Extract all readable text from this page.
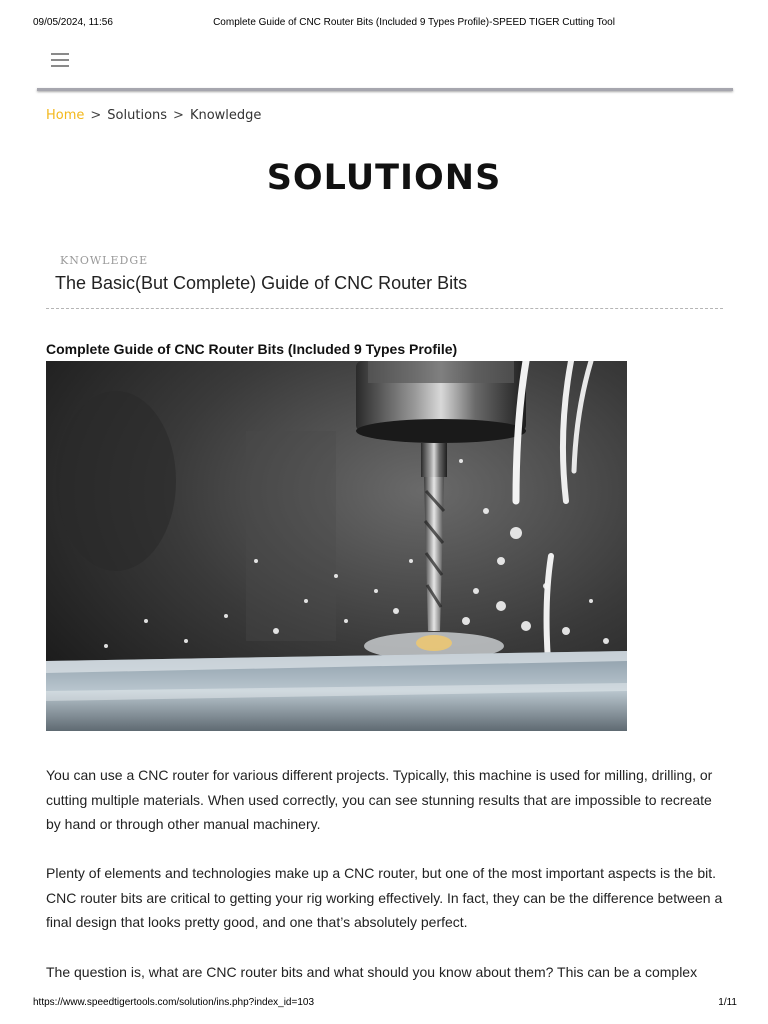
09/05/2024, 11:56	Complete Guide of CNC Router Bits (Included 9 Types Profile)-SPEED TIGER Cutting Tool
Home > Solutions > Knowledge
SOLUTIONS
KNOWLEDGE
The Basic(But Complete) Guide of CNC Router Bits
Complete Guide of CNC Router Bits (Included 9 Types Profile)

You can use a CNC router for various different projects. Typically, this machine is used for milling, drilling, or cutting multiple materials. When used correctly, you can see stunning results that are impossible to recreate by hand or through other manual machinery.

Plenty of elements and technologies make up a CNC router, but one of the most important aspects is the bit. CNC router bits are critical to getting your rig working effectively. In fact, they can be the difference between a final design that looks pretty good, and one that’s absolutely perfect.

The question is, what are CNC router bits and what should you know about them? This can be a complex

https://www.speedtigertools.com/solution/ins.php?index_id=103	1/11
